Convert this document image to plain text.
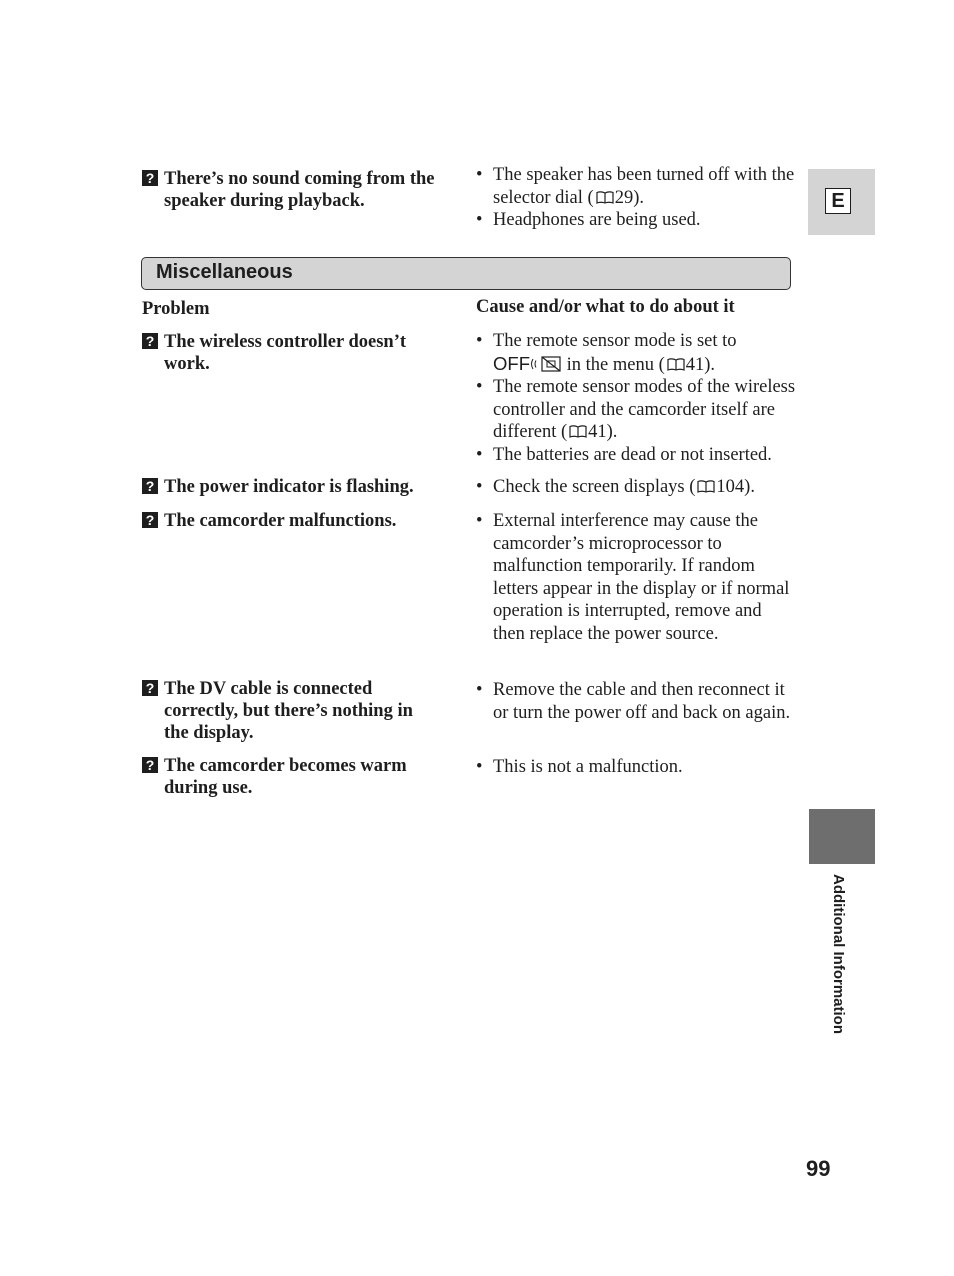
? There’s no sound coming from the speaker during playback.
• The speaker has been turned off with the selector dial ( 29).
• Headphones are being used.
Miscellaneous
Problem	Cause and/or what to do about it
? The wireless controller doesn’t work.
• The remote sensor mode is set to
OFF in the menu ( 41).
• The remote sensor modes of the wireless controller and the camcorder itself are different ( 41).
• The batteries are dead or not inserted.
? The power indicator is flashing.	• Check the screen displays ( 104).
? The camcorder malfunctions.	• External interference may cause the camcorder’s microprocessor to malfunction temporarily. If random letters appear in the display or if normal operation is interrupted, remove and then replace the power source.
? The DV cable is connected correctly, but there’s nothing in the display.
• Remove the cable and then reconnect it or turn the power off and back on again.
? The camcorder becomes warm during use.
• This is not a malfunction.
E
Additional Information
99
